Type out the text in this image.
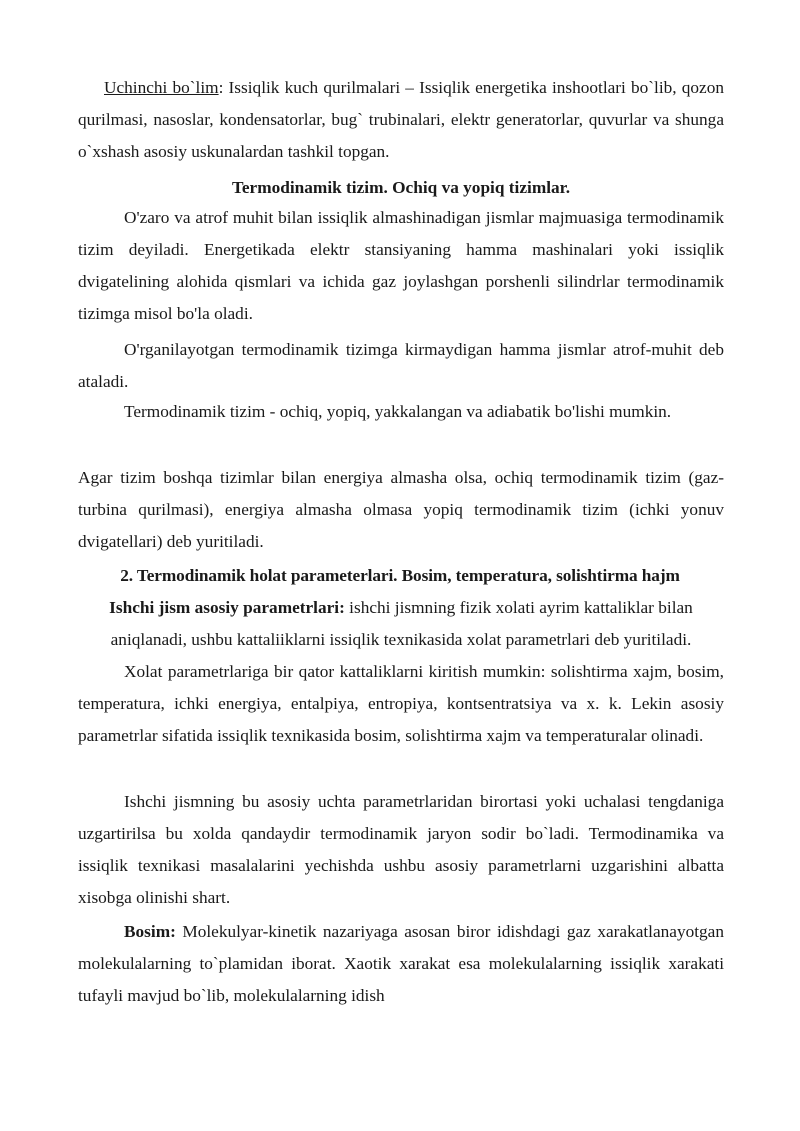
Uchinchi bo`lim: Issiqlik kuch qurilmalari – Issiqlik energetika inshootlari bo`lib, qozon qurilmasi, nasoslar, kondensatorlar, bug` trubinalari, elektr generatorlar, quvurlar va shunga o`xshash asosiy uskunalardan tashkil topgan.

Termodinamik tizim. Ochiq va yopiq tizimlar.

O'zaro va atrof muhit bilan issiqlik almashinadigan jismlar majmuasiga termodinamik tizim deyiladi. Energetikada elektr stansiyaning hamma mashinalari yoki issiqlik dvigatelining alohida qismlari va ichida gaz joylashgan porshenli silindrlar termodinamik tizimga misol bo'la oladi.

O'rganilayotgan termodinamik tizimga kirmaydigan hamma jismlar atrof-muhit deb ataladi.

Termodinamik tizim - ochiq, yopiq, yakkalangan va adiabatik bo'lishi mumkin.

Agar tizim boshqa tizimlar bilan energiya almasha olsa, ochiq termodinamik tizim (gaz-turbina qurilmasi), energiya almasha olmasa yopiq termodinamik tizim (ichki yonuv dvigatellari) deb yuritiladi.

2. Termodinamik holat parameterlari. Bosim, temperatura, solishtirma hajm

Ishchi jism asosiy parametrlari: ishchi jismning fizik xolati ayrim kattaliklar bilan aniqlanadi, ushbu kattaliiklarni issiqlik texnikasida xolat parametrlari deb yuritiladi.

Xolat parametrlariga bir qator kattaliklarni kiritish mumkin: solishtirma xajm, bosim, temperatura, ichki energiya, entalpiya, entropiya, kontsentratsiya va x. k. Lekin asosiy parametrlar sifatida issiqlik texnikasida bosim, solishtirma xajm va temperaturalar olinadi.

Ishchi jismning bu asosiy uchta parametrlaridan birortasi yoki uchalasi tengdaniga uzgartirilsa bu xolda qandaydir termodinamik jaryon sodir bo`ladi. Termodinamika va issiqlik texnikasi masalalarini yechishda ushbu asosiy parametrlarni uzgarishini albatta xisobga olinishi shart.

Bosim: Molekulyar-kinetik nazariyaga asosan biror idishdagi gaz xarakatlanayotgan molekulalarning to`plamidan iborat. Xaotik xarakat esa molekulalarning issiqlik xarakati tufayli mavjud bo`lib, molekulalarning idish
